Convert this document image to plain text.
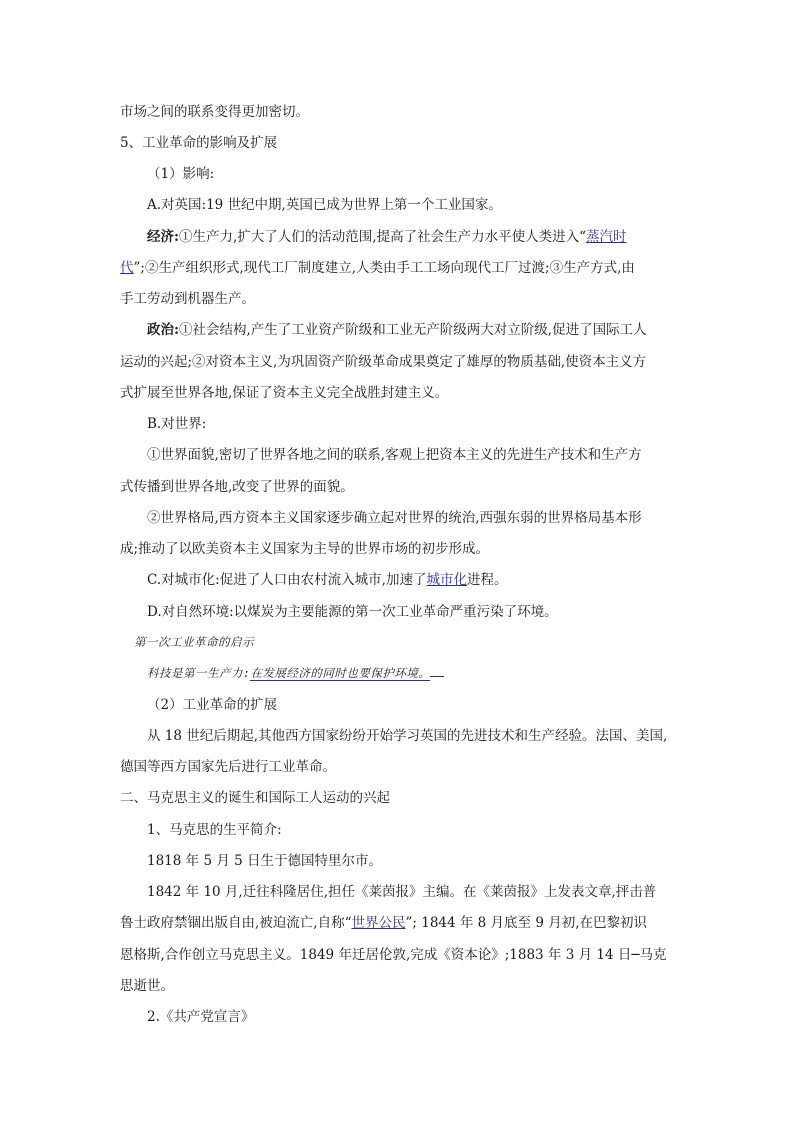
市场之间的联系变得更加密切。
5、工业革命的影响及扩展
（1）影响:
A.对英国:19 世纪中期,英国已成为世界上第一个工业国家。
经济:①生产力,扩大了人们的活动范围,提高了社会生产力水平使人类进入“蒸汽时
代”;②生产组织形式,现代工厂制度建立,人类由手工工场向现代工厂过渡;③生产方式,由
手工劳动到机器生产。
政治:①社会结构,产生了工业资产阶级和工业无产阶级两大对立阶级,促进了国际工人
运动的兴起;②对资本主义,为巩固资产阶级革命成果奠定了雄厚的物质基础,使资本主义方
式扩展至世界各地,保证了资本主义完全战胜封建主义。
B.对世界:
①世界面貌,密切了世界各地之间的联系,客观上把资本主义的先进生产技术和生产方
式传播到世界各地,改变了世界的面貌。
②世界格局,西方资本主义国家逐步确立起对世界的统治,西强东弱的世界格局基本形
成;推动了以欧美资本主义国家为主导的世界市场的初步形成。
C.对城市化:促进了人口由农村流入城市,加速了城市化进程。
D.对自然环境:以煤炭为主要能源的第一次工业革命严重污染了环境。
第一次工业革命的启示
科技是第一生产力:在发展经济的同时也要保护环境。
（2）工业革命的扩展
从 18 世纪后期起,其他西方国家纷纷开始学习英国的先进技术和生产经验。法国、美国,
德国等西方国家先后进行工业革命。
二、马克思主义的诞生和国际工人运动的兴起
1、马克思的生平简介:
1818 年 5 月 5 日生于德国特里尔市。
1842 年 10 月,迁往科隆居住,担任《莱茵报》主编。在《莱茵报》上发表文章,抨击普
鲁士政府禁锢出版自由,被迫流亡,自称“世界公民”; 1844 年 8 月底至 9 月初,在巴黎初识
恩格斯,合作创立马克思主义。1849 年迁居伦敦,完成《资本论》;1883 年 3 月 14 日─马克
思逝世。
2.《共产党宣言》
